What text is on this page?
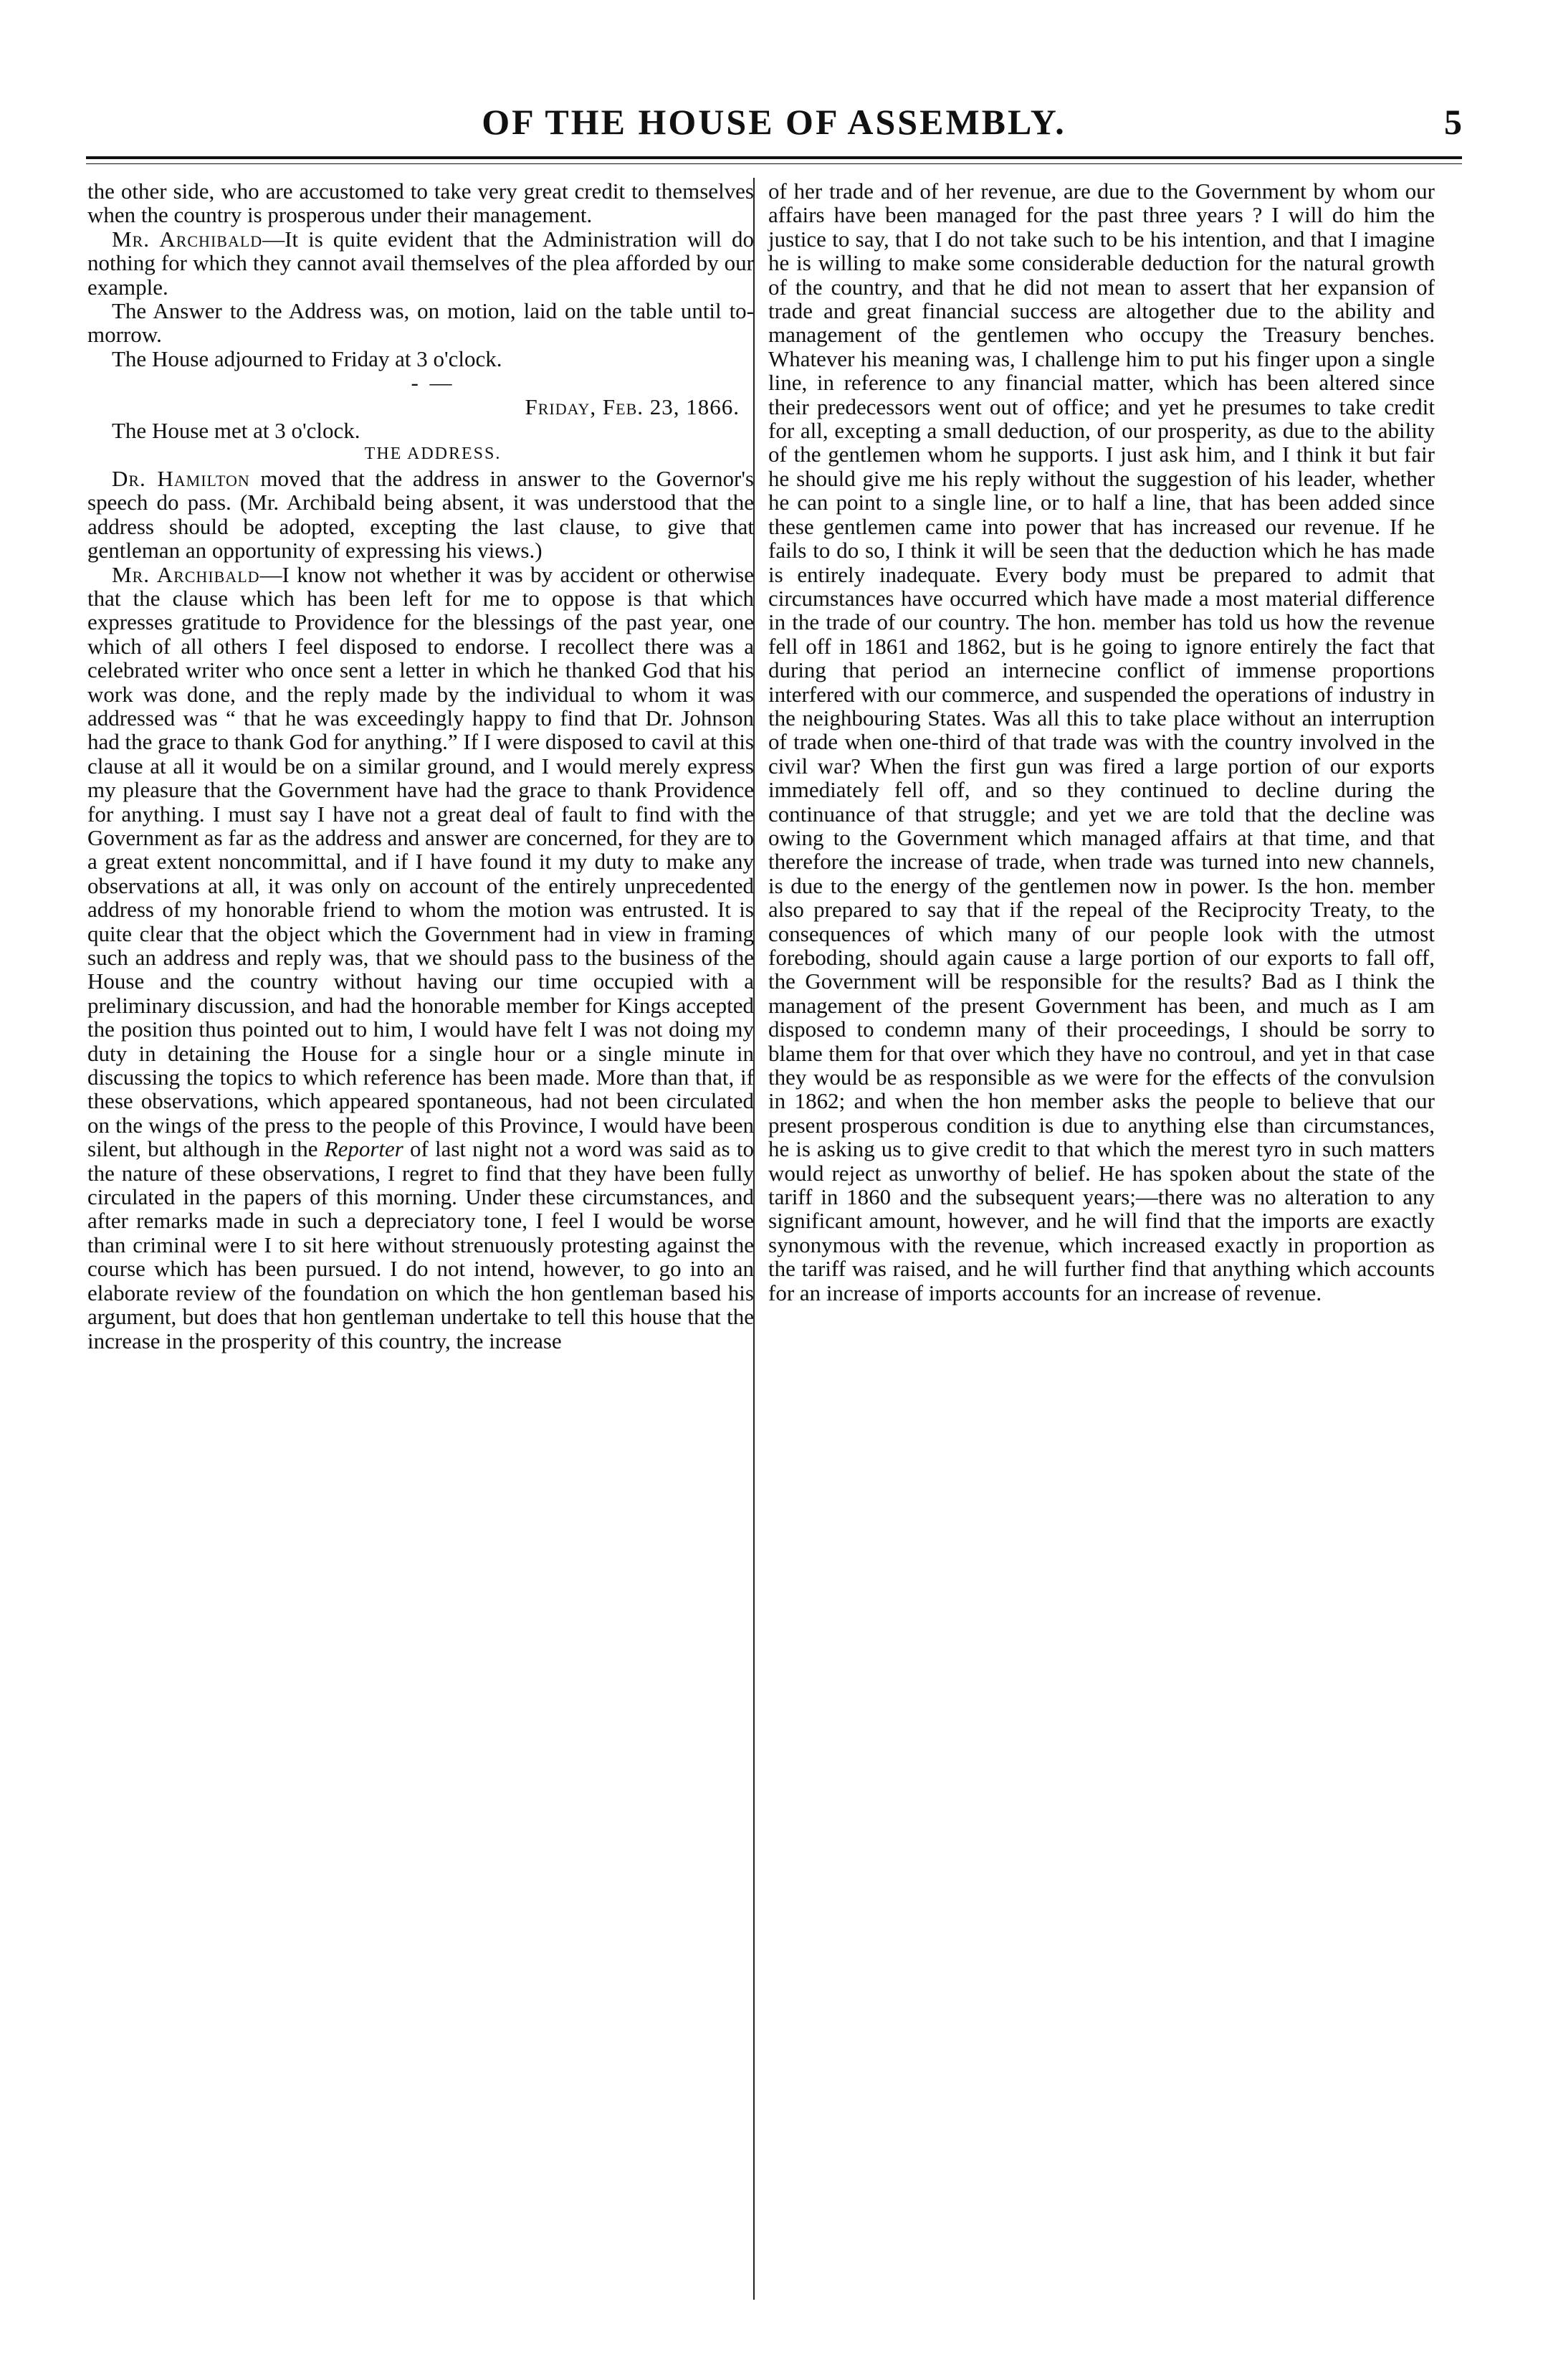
OF THE HOUSE OF ASSEMBLY.	5

the other side, who are accustomed to take very great credit to themselves when the country is prosperous under their management.

Mr. Archibald—It is quite evident that the Administration will do nothing for which they cannot avail themselves of the plea afforded by our example.

The Answer to the Address was, on motion, laid on the table until to-morrow.

The House adjourned to Friday at 3 o'clock.

- —

Friday, Feb. 23, 1866.

The House met at 3 o'clock.

THE ADDRESS.

Dr. Hamilton moved that the address in answer to the Governor's speech do pass. (Mr. Archibald being absent, it was understood that the address should be adopted, excepting the last clause, to give that gentleman an opportunity of expressing his views.)

Mr. Archibald—I know not whether it was by accident or otherwise that the clause which has been left for me to oppose is that which expresses gratitude to Providence for the blessings of the past year, one which of all others I feel disposed to endorse. I recollect there was a celebrated writer who once sent a letter in which he thanked God that his work was done, and the reply made by the individual to whom it was addressed was “ that he was exceedingly happy to find that Dr. Johnson had the grace to thank God for anything.” If I were disposed to cavil at this clause at all it would be on a similar ground, and I would merely express my pleasure that the Government have had the grace to thank Providence for anything. I must say I have not a great deal of fault to find with the Government as far as the address and answer are concerned, for they are to a great extent noncommittal, and if I have found it my duty to make any observations at all, it was only on account of the entirely unprecedented address of my honorable friend to whom the motion was entrusted. It is quite clear that the object which the Government had in view in framing such an address and reply was, that we should pass to the business of the House and the country without having our time occupied with a preliminary discussion, and had the honorable member for Kings accepted the position thus pointed out to him, I would have felt I was not doing my duty in detaining the House for a single hour or a single minute in discussing the topics to which reference has been made. More than that, if these observations, which appeared spontaneous, had not been circulated on the wings of the press to the people of this Province, I would have been silent, but although in the Reporter of last night not a word was said as to the nature of these observations, I regret to find that they have been fully circulated in the papers of this morning. Under these circumstances, and after remarks made in such a depreciatory tone, I feel I would be worse than criminal were I to sit here without strenuously protesting against the course which has been pursued. I do not intend, however, to go into an elaborate review of the foundation on which the hon gentleman based his argument, but does that hon gentleman undertake to tell this house that the increase in the prosperity of this country, the increase

of her trade and of her revenue, are due to the Government by whom our affairs have been managed for the past three years ? I will do him the justice to say, that I do not take such to be his intention, and that I imagine he is willing to make some considerable deduction for the natural growth of the country, and that he did not mean to assert that her expansion of trade and great financial success are altogether due to the ability and management of the gentlemen who occupy the Treasury benches. Whatever his meaning was, I challenge him to put his finger upon a single line, in reference to any financial matter, which has been altered since their predecessors went out of office; and yet he presumes to take credit for all, excepting a small deduction, of our prosperity, as due to the ability of the gentlemen whom he supports. I just ask him, and I think it but fair he should give me his reply without the suggestion of his leader, whether he can point to a single line, or to half a line, that has been added since these gentlemen came into power that has increased our revenue. If he fails to do so, I think it will be seen that the deduction which he has made is entirely inadequate. Every body must be prepared to admit that circumstances have occurred which have made a most material difference in the trade of our country. The hon. member has told us how the revenue fell off in 1861 and 1862, but is he going to ignore entirely the fact that during that period an internecine conflict of immense proportions interfered with our commerce, and suspended the operations of industry in the neighbouring States. Was all this to take place without an interruption of trade when one-third of that trade was with the country involved in the civil war? When the first gun was fired a large portion of our exports immediately fell off, and so they continued to decline during the continuance of that struggle; and yet we are told that the decline was owing to the Government which managed affairs at that time, and that therefore the increase of trade, when trade was turned into new channels, is due to the energy of the gentlemen now in power. Is the hon. member also prepared to say that if the repeal of the Reciprocity Treaty, to the consequences of which many of our people look with the utmost foreboding, should again cause a large portion of our exports to fall off, the Government will be responsible for the results? Bad as I think the management of the present Government has been, and much as I am disposed to condemn many of their proceedings, I should be sorry to blame them for that over which they have no controul, and yet in that case they would be as responsible as we were for the effects of the convulsion in 1862; and when the hon member asks the people to believe that our present prosperous condition is due to anything else than circumstances, he is asking us to give credit to that which the merest tyro in such matters would reject as unworthy of belief. He has spoken about the state of the tariff in 1860 and the subsequent years;—there was no alteration to any significant amount, however, and he will find that the imports are exactly synonymous with the revenue, which increased exactly in proportion as the tariff was raised, and he will further find that anything which accounts for an increase of imports accounts for an increase of revenue.
